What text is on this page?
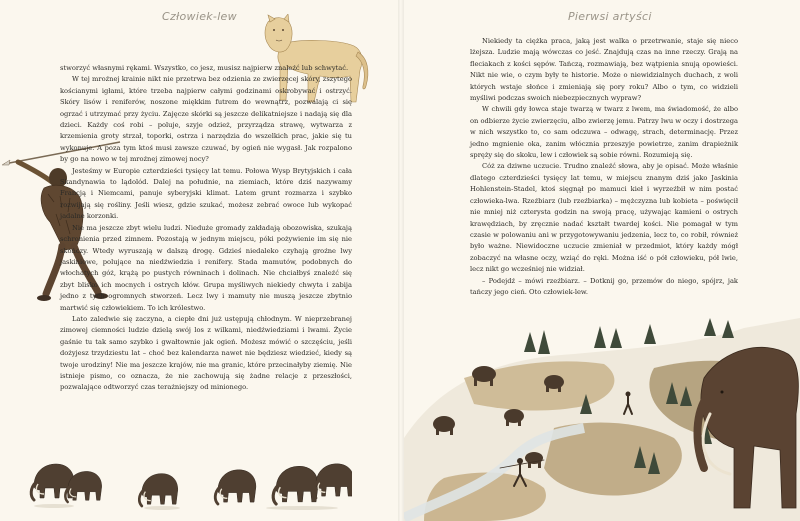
Człowiek-lew	Pierwsi artyści

stworzyć własnymi rękami. Wszystko, co jesz, musisz najpierw znaleźć lub schwytać.

W tej mroźnej krainie nikt nie przetrwa bez odzienia ze zwierzęcej skóry, zszytego kościanymi igłami, które trzeba najpierw całymi godzinami oskrobywać i ostrzyć. Skóry lisów i reniferów, noszone miękkim futrem do wewnątrz, pozwalają ci się ogrzać i utrzymać przy życiu. Zajęcze skórki są jeszcze delikatniejsze i nadają się dla dzieci. Każdy coś robi – poluje, szyje odzież, przyrządza strawę, wytwarza z krzemienia groty strzał, toporki, ostrza i narzędzia do wszelkich prac, jakie się tu wykonuje. A poza tym ktoś musi zawsze czuwać, by ogień nie wygasł. Jak rozpalono by go na nowo w tej mroźnej zimowej nocy?

Jesteśmy w Europie czterdzieści tysięcy lat temu. Połowa Wysp Brytyjskich i cała Skandynawia to lądolód. Dalej na południe, na ziemiach, które dziś nazywamy Francją i Niemcami, panuje syberyjski klimat. Latem grunt rozmarza i szybko rozwijają się rośliny. Jeśli wiesz, gdzie szukać, możesz zebrać owoce lub wykopać jadalne korzonki.

Nie ma jeszcze zbyt wielu ludzi. Nieduże gromady zakładają obozowiska, szukają schronienia przed zimnem. Pozostają w jednym miejscu, póki pożywienie im się nie skończy. Wtedy wyruszają w dalszą drogę. Gdzieś niedaleko czyhają groźne lwy jaskiniowe, polujące na niedźwiedzia i renifery. Stada mamutów, podobnych do włochatych góż, krążą po pustych równinach i dolinach. Nie chciałbyś znaleźć się zbyt blisko ich mocnych i ostrych kłów. Grupa myśliwych niekiedy chwyta i zabija jedno z tych ogromnych stworzeń. Lecz lwy i mamuty nie muszą jeszcze zbytnio martwić się człowiekiem. To ich królestwo.

Lato zaledwie się zaczyna, a ciepłe dni już ustępują chłodnym. W nieprzebranej zimowej ciemności ludzie dzielą swój los z wilkami, niedźwiedziami i lwami. Życie gaśnie tu tak samo szybko i gwałtownie jak ogień. Możesz mówić o szczęściu, jeśli dożyjesz trzydziestu lat – choć bez kalendarza nawet nie będziesz wiedzieć, kiedy są twoje urodziny! Nie ma jeszcze krajów, nie ma granic, które przecinałyby ziemię. Nie istnieje pismo, co oznacza, że nie zachowują się żadne relacje z przeszłości, pozwalające odtworzyć czas terażniejszy od minionego.

Niekiedy ta ciężka praca, jaką jest walka o przetrwanie, staje się nieco lżejsza. Ludzie mają wówczas co jeść. Znajdują czas na inne rzeczy. Grają na fleciakach z kości sępów. Tańczą, rozmawiają, bez wątpienia snują opowieści. Nikt nie wie, o czym były te historie. Może o niewidzialnych duchach, z woli których wstaje słońce i zmieniają się pory roku? Albo o tym, co widzieli myśliwi podczas swoich niebezpiecznych wypraw?

W chwili gdy łowca staje twarzą w twarz z lwem, ma świadomość, że albo on odbierze życie zwierzęciu, albo zwierzę jemu. Patrzy lwu w oczy i dostrzega w nich wszystko to, co sam odczuwa – odwagę, strach, determinację. Przez jedno mgnienie oka, zanim włócznia przeszyje powietrze, zanim drapieżnik spręży się do skoku, lew i człowiek są sobie równi. Rozumieją się.

Cóż za dziwne uczucie. Trudno znaleźć słowa, aby je opisać. Może właśnie dlatego czterdzieści tysięcy lat temu, w miejscu znanym dziś jako Jaskinia Hohlenstein-Stadel, ktoś sięgnął po mamuci kieł i wyrzeźbił w nim postać człowieka-lwa. Rzeźbiarz (lub rzeźbiarka) – mężczyzna lub kobieta – poświęcił nie mniej niż czterysta godzin na swoją pracę, używając kamieni o ostrych krawędziach, by zręcznie nadać kształt twardej kości. Nie pomagał w tym czasie w polowaniu ani w przygotowywaniu jedzenia, lecz to, co robił, również było ważne. Niewidoczne uczucie zmieniał w przedmiot, który każdy mógł zobaczyć na własne oczy, wziąć do ręki. Można iść o pół człowieku, pół lwie, lecz nikt go wcześniej nie widział.

– Podejdź – mówi rzeźbiarz. – Dotknij go, przemów do niego, spójrz, jak tańczy jego cień. Oto człowiek-lew.
